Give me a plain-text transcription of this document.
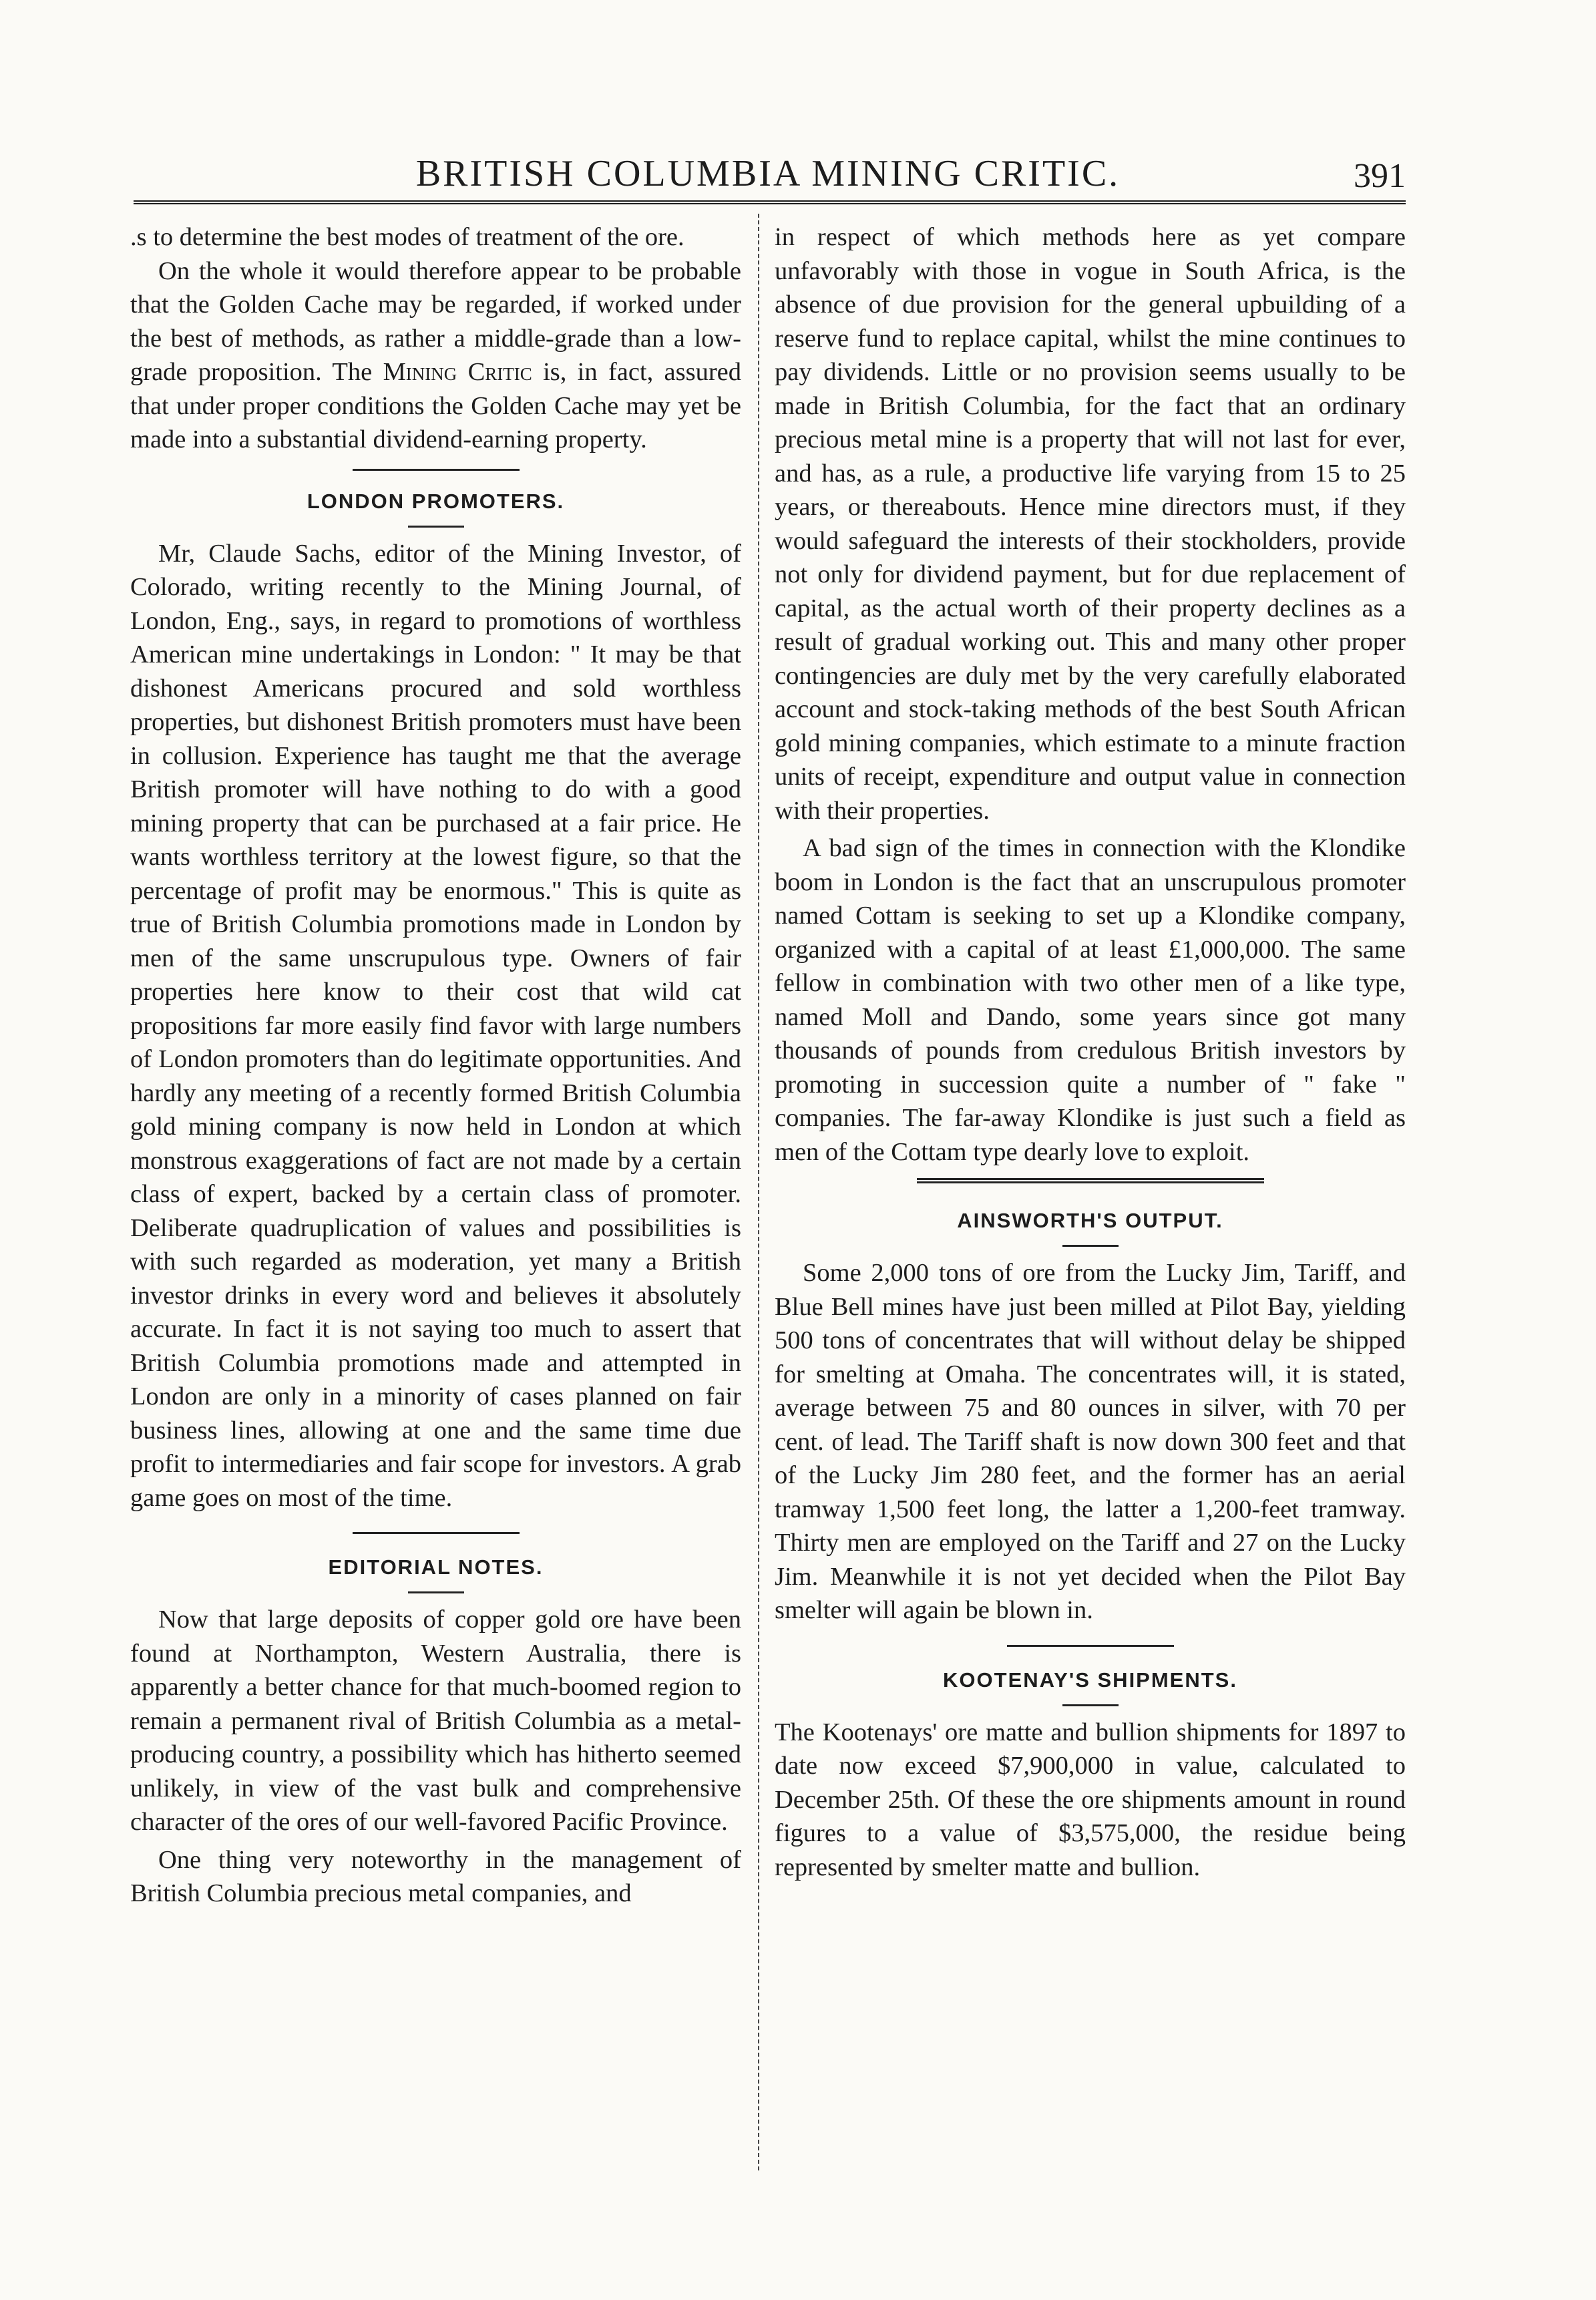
BRITISH COLUMBIA MINING CRITIC.	391

.s to determine the best modes of treatment of the ore.

On the whole it would therefore appear to be probable that the Golden Cache may be regarded, if worked under the best of methods, as rather a middle-grade than a low-grade proposition. The Mining Critic is, in fact, assured that under proper conditions the Golden Cache may yet be made into a substantial dividend-earning property.

LONDON PROMOTERS.

Mr, Claude Sachs, editor of the Mining Investor, of Colorado, writing recently to the Mining Journal, of London, Eng., says, in regard to promotions of worthless American mine undertakings in London: " It may be that dishonest Americans procured and sold worthless properties, but dishonest British promoters must have been in collusion. Experience has taught me that the average British promoter will have nothing to do with a good mining property that can be purchased at a fair price. He wants worthless territory at the lowest figure, so that the percentage of profit may be enormous." This is quite as true of British Columbia promotions made in London by men of the same unscrupulous type. Owners of fair properties here know to their cost that wild cat propositions far more easily find favor with large numbers of London promoters than do legitimate opportunities. And hardly any meeting of a recently formed British Columbia gold mining company is now held in London at which monstrous exaggerations of fact are not made by a certain class of expert, backed by a certain class of promoter. Deliberate quadruplication of values and possibilities is with such regarded as moderation, yet many a British investor drinks in every word and believes it absolutely accurate. In fact it is not saying too much to assert that British Columbia promotions made and attempted in London are only in a minority of cases planned on fair business lines, allowing at one and the same time due profit to intermediaries and fair scope for investors. A grab game goes on most of the time.

EDITORIAL NOTES.

Now that large deposits of copper gold ore have been found at Northampton, Western Australia, there is apparently a better chance for that much-boomed region to remain a permanent rival of British Columbia as a metal-producing country, a possibility which has hitherto seemed unlikely, in view of the vast bulk and comprehensive character of the ores of our well-favored Pacific Province.

One thing very noteworthy in the management of British Columbia precious metal companies, and

in respect of which methods here as yet compare unfavorably with those in vogue in South Africa, is the absence of due provision for the general upbuilding of a reserve fund to replace capital, whilst the mine continues to pay dividends. Little or no provision seems usually to be made in British Columbia, for the fact that an ordinary precious metal mine is a property that will not last for ever, and has, as a rule, a productive life varying from 15 to 25 years, or thereabouts. Hence mine directors must, if they would safeguard the interests of their stockholders, provide not only for dividend payment, but for due replacement of capital, as the actual worth of their property declines as a result of gradual working out. This and many other proper contingencies are duly met by the very carefully elaborated account and stock-taking methods of the best South African gold mining companies, which estimate to a minute fraction units of receipt, expenditure and output value in connection with their properties.

A bad sign of the times in connection with the Klondike boom in London is the fact that an unscrupulous promoter named Cottam is seeking to set up a Klondike company, organized with a capital of at least £1,000,000. The same fellow in combination with two other men of a like type, named Moll and Dando, some years since got many thousands of pounds from credulous British investors by promoting in succession quite a number of " fake " companies. The far-away Klondike is just such a field as men of the Cottam type dearly love to exploit.

AINSWORTH'S OUTPUT.

Some 2,000 tons of ore from the Lucky Jim, Tariff, and Blue Bell mines have just been milled at Pilot Bay, yielding 500 tons of concentrates that will without delay be shipped for smelting at Omaha. The concentrates will, it is stated, average between 75 and 80 ounces in silver, with 70 per cent. of lead. The Tariff shaft is now down 300 feet and that of the Lucky Jim 280 feet, and the former has an aerial tramway 1,500 feet long, the latter a 1,200-feet tramway. Thirty men are employed on the Tariff and 27 on the Lucky Jim. Meanwhile it is not yet decided when the Pilot Bay smelter will again be blown in.

KOOTENAY'S SHIPMENTS.

The Kootenays' ore matte and bullion shipments for 1897 to date now exceed $7,900,000 in value, calculated to December 25th. Of these the ore shipments amount in round figures to a value of $3,575,000, the residue being represented by smelter matte and bullion.
